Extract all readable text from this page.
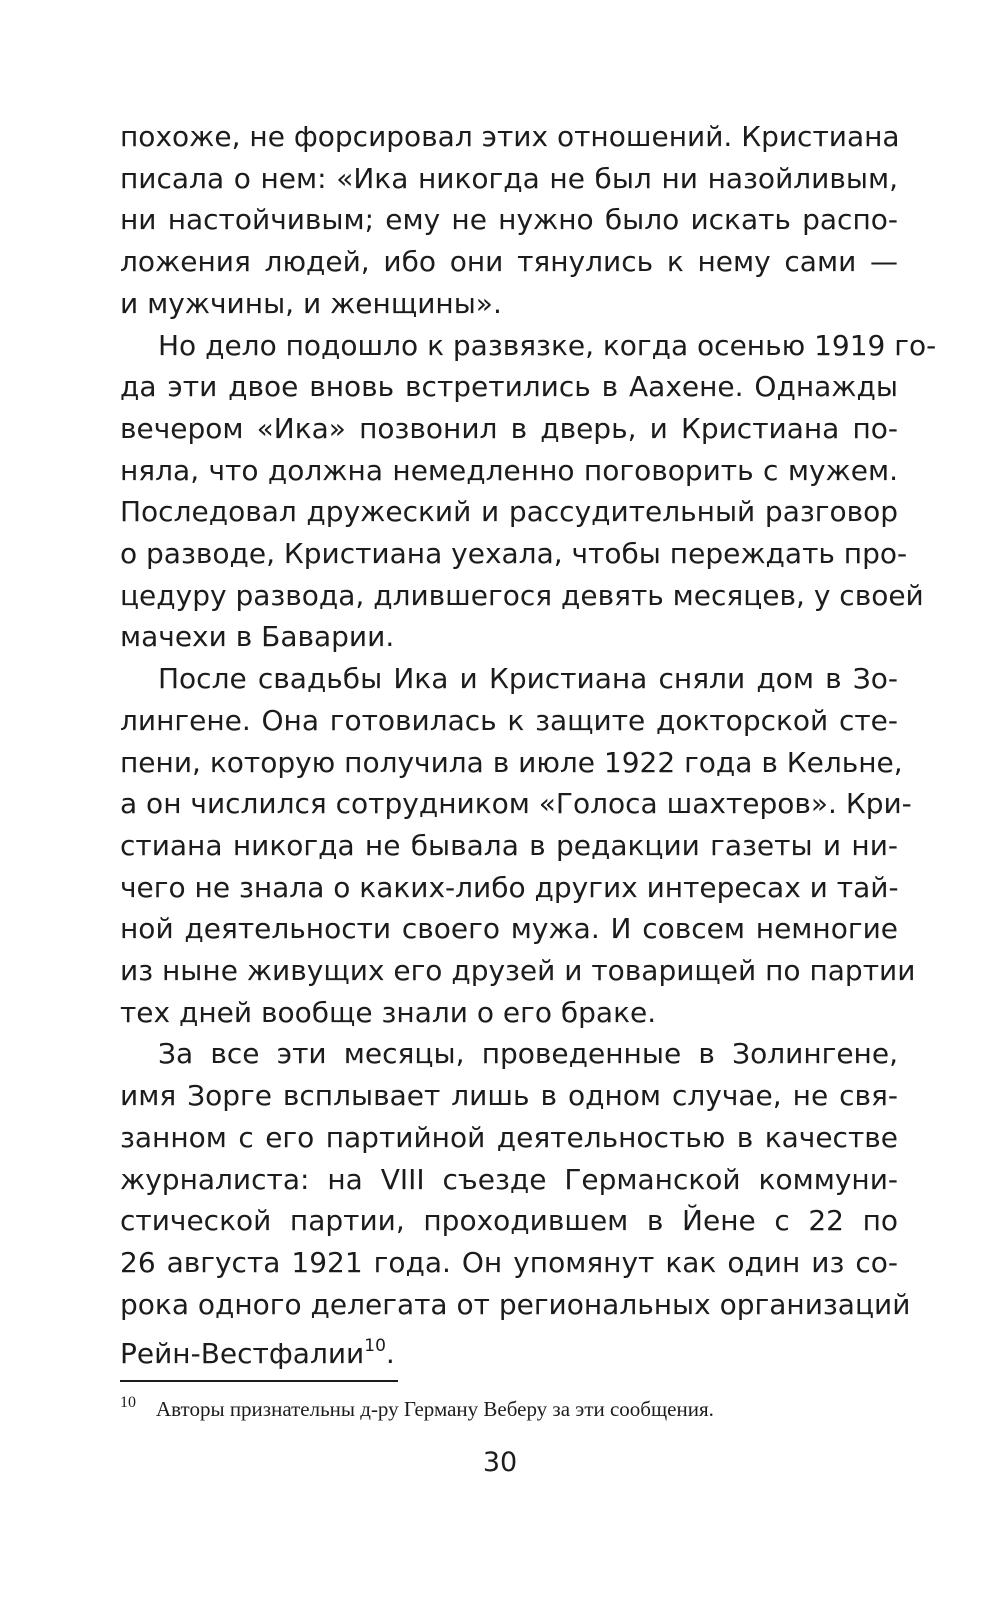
похоже, не форсировал этих отношений. Кристиана
писала о нем: «Ика никогда не был ни назойливым,
ни настойчивым; ему не нужно было искать распо-
ложения людей, ибо они тянулись к нему сами —
и мужчины, и женщины».
Но дело подошло к развязке, когда осенью 1919 го-
да эти двое вновь встретились в Аахене. Однажды
вечером «Ика» позвонил в дверь, и Кристиана по-
няла, что должна немедленно поговорить с мужем.
Последовал дружеский и рассудительный разговор
о разводе, Кристиана уехала, чтобы переждать про-
цедуру развода, длившегося девять месяцев, у своей
мачехи в Баварии.
После свадьбы Ика и Кристиана сняли дом в Зо-
лингене. Она готовилась к защите докторской сте-
пени, которую получила в июле 1922 года в Кельне,
а он числился сотрудником «Голоса шахтеров». Кри-
стиана никогда не бывала в редакции газеты и ни-
чего не знала о каких-либо других интересах и тай-
ной деятельности своего мужа. И совсем немногие
из ныне живущих его друзей и товарищей по партии
тех дней вообще знали о его браке.
За все эти месяцы, проведенные в Золингене,
имя Зорге всплывает лишь в одном случае, не свя-
занном с его партийной деятельностью в качестве
журналиста: на VIII съезде Германской коммуни-
стической партии, проходившем в Йене с 22 по
26 августа 1921 года. Он упомянут как один из со-
рока одного делегата от региональных организаций
Рейн-Вестфалии$^{10}$.
$^{10}$ Авторы признательны д-ру Герману Веберу за эти сообщения.
30
